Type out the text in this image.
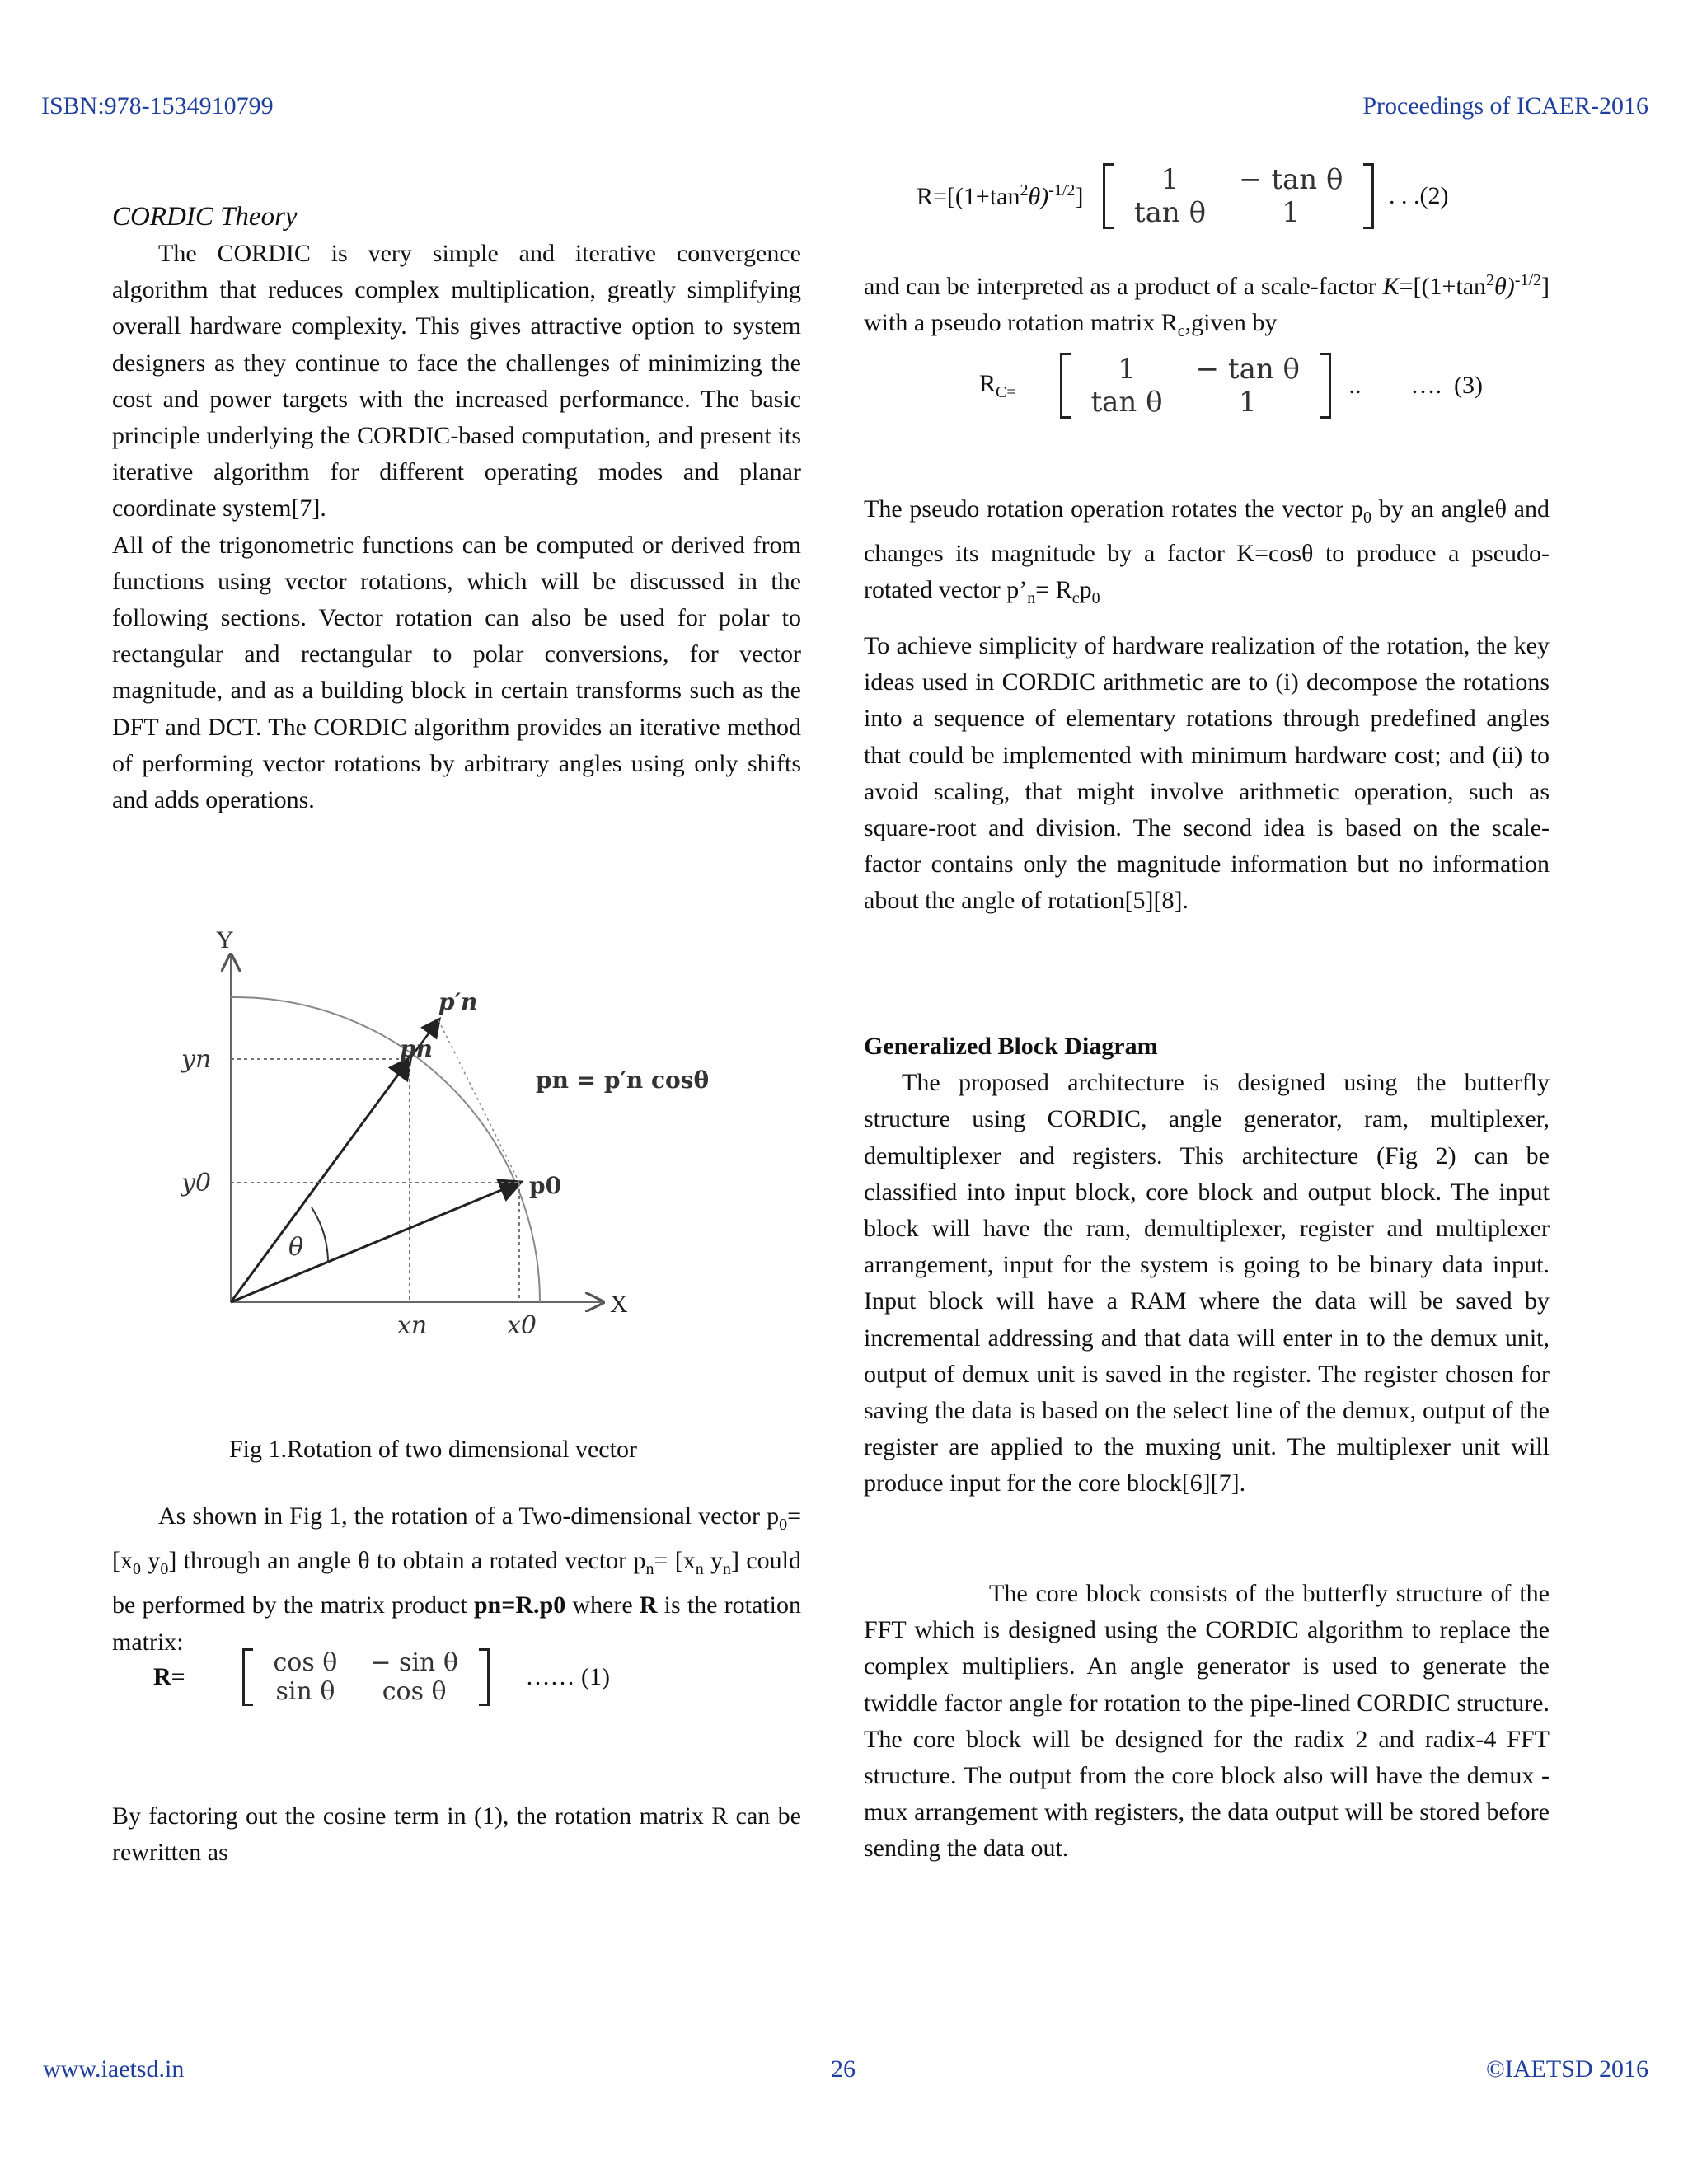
ISBN:978-1534910799	Proceedings of ICAER-2016

CORDIC Theory

The CORDIC is very simple and iterative convergence algorithm that reduces complex multiplication, greatly simplifying overall hardware complexity. This gives attractive option to system designers as they continue to face the challenges of minimizing the cost and power targets with the increased performance. The basic principle underlying the CORDIC-based computation, and present its iterative algorithm for different operating modes and planar coordinate system[7].

All of the trigonometric functions can be computed or derived from functions using vector rotations, which will be discussed in the following sections. Vector rotation can also be used for polar to rectangular and rectangular to polar conversions, for vector magnitude, and as a building block in certain transforms such as the DFT and DCT. The CORDIC algorithm provides an iterative method of performing vector rotations by arbitrary angles using only shifts and adds operations.

Y
X
p′n
pn
p0
yn
y0
xn	x0
θ
pn = p′n cosθ
Fig 1.Rotation of two dimensional vector

As shown in Fig 1, the rotation of a Two-dimensional vector $p_0=[x_0$ $y_0$] through an angle θ to obtain a rotated vector $p_n= [x_n$ $y_n$] could be performed by the matrix product pn=R.p0 where R is the rotation matrix:

R=	cos θ	− sin θ
sin θ	cos θ
…… (1)

By factoring out the cosine term in (1), the rotation matrix R can be rewritten as

$R=[(1+\tan^2\theta)^{-1/2}]$
1	− tan θ
tan θ	1
. . .(2)

and can be interpreted as a product of a scale-factor $K=[(1+\tan^2\theta)^{-1/2}]$ with a pseudo rotation matrix $R_c,given$ by

$R_{C=}$
1	− tan θ
tan θ	1
..        ….  (3)

The pseudo rotation operation rotates the vector $p_0$ by an angleθ and changes its magnitude by a factor K=cosθ to produce a pseudo-rotated vector $p’_n= R_cp_0$

To achieve simplicity of hardware realization of the rotation, the key ideas used in CORDIC arithmetic are to (i) decompose the rotations into a sequence of elementary rotations through predefined angles that could be implemented with minimum hardware cost; and (ii) to avoid scaling, that might involve arithmetic operation, such as square-root and division. The second idea is based on the scale-factor contains only the magnitude information but no information about the angle of rotation[5][8].

Generalized Block Diagram

The proposed architecture is designed using the butterfly structure using CORDIC, angle generator, ram, multiplexer, demultiplexer and registers. This architecture (Fig 2) can be classified into input block, core block and output block. The input block will have the ram, demultiplexer, register and multiplexer arrangement, input for the system is going to be binary data input. Input block will have a RAM where the data will be saved by incremental addressing and that data will enter in to the demux unit, output of demux unit is saved in the register. The register chosen for saving the data is based on the select line of the demux, output of the register are applied to the muxing unit. The multiplexer unit will produce input for the core block[6][7].

The core block consists of the butterfly structure of the FFT which is designed using the CORDIC algorithm to replace the complex multipliers. An angle generator is used to generate the twiddle factor angle for rotation to the pipe-lined CORDIC structure. The core block will be designed for the radix 2 and radix-4 FFT structure. The output from the core block also will have the demux - mux arrangement with registers, the data output will be stored before sending the data out.

www.iaetsd.in	26	©IAETSD 2016
